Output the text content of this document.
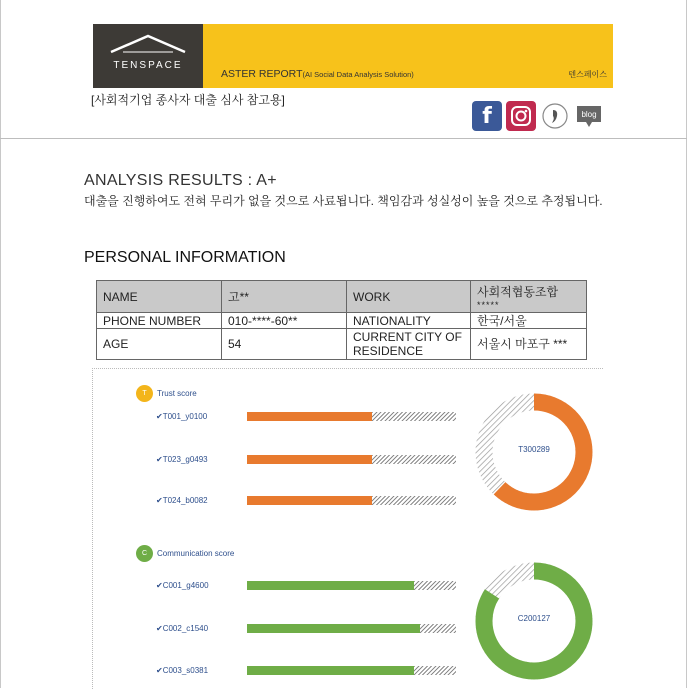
TENSPACE
ASTER REPORT(AI Social Data Analysis Solution)	텐스페이스
[사회적기업 종사자 대출 심사 참고용]
f	blog
ANALYSIS RESULTS : A+
대출을 진행하여도 전혀 무리가 없을 것으로 사료됩니다. 책임감과 성실성이 높을 것으로 추정됩니다.
PERSONAL INFORMATION
NAME	고**	WORK	사회적협동조합
*****

PHONE NUMBER	010-****-60**	NATIONALITY	한국/서울
AGE	54	CURRENT CITY OF RESIDENCE	서울시 마포구 ***
T	Trust score
✔T001_y0100
✔T023_g0493
✔T024_b0082
T300289
C	Communication score
✔C001_g4600
✔C002_c1540
✔C003_s0381
C200127
